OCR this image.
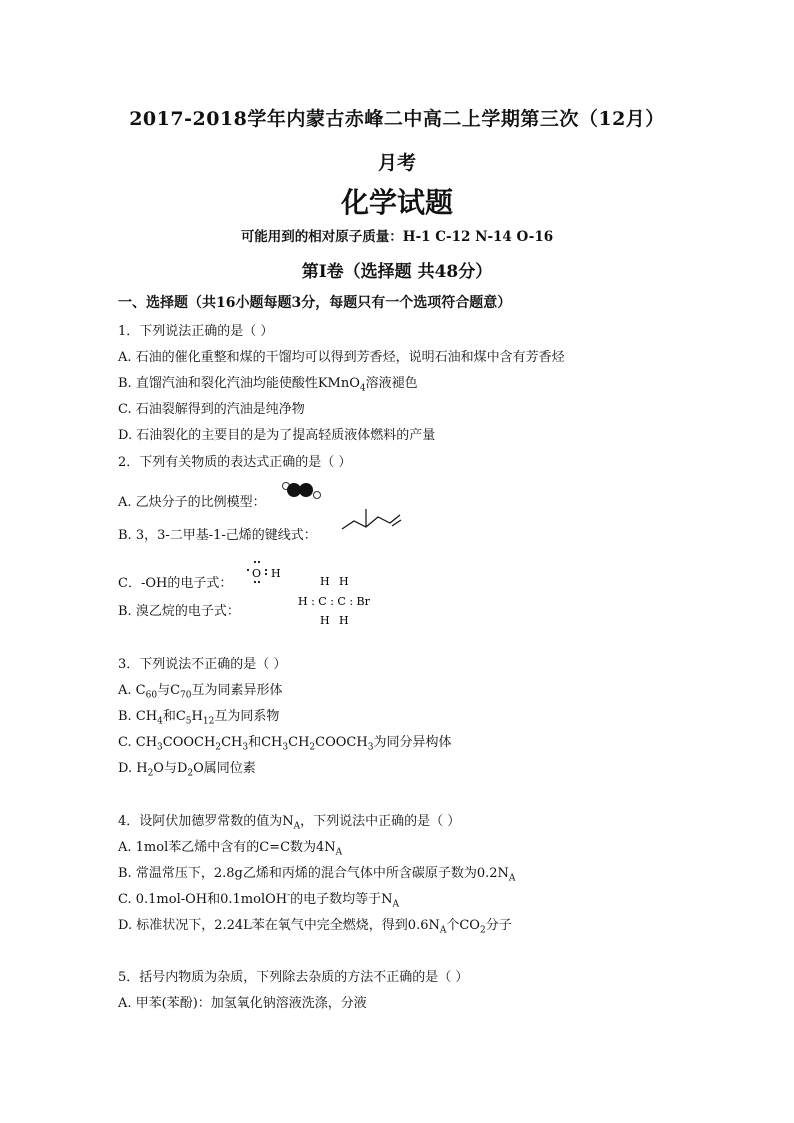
2017-2018学年内蒙古赤峰二中高二上学期第三次（12月）
月考
化学试题
可能用到的相对原子质量：H-1 C-12 N-14 O-16
第Ⅰ卷（选择题 共48分）
一、选择题（共16小题每题3分，每题只有一个选项符合题意）
1．下列说法正确的是（ ）
A. 石油的催化重整和煤的干馏均可以得到芳香烃，说明石油和煤中含有芳香烃
B. 直馏汽油和裂化汽油均能使酸性KMnO$_4$溶液褪色
C. 石油裂解得到的汽油是纯净物
D. 石油裂化的主要目的是为了提高轻质液体燃料的产量
2．下列有关物质的表达式正确的是（ ）
A. 乙炔分子的比例模型：
B. 3，3-二甲基-1-己烯的键线式：
C．-OH的电子式：
O H
B. 溴乙烷的电子式：
H H
H : C : C : Br
H H
3．下列说法不正确的是（ ）
A. $C_{60}$与$C_{70}$互为同素异形体
B. $CH_4$和$C_5H_{12}$互为同系物
C. $CH_3COOCH_2CH_3$和$CH_3CH_2COOCH_3$为同分异构体
D. $H_2O$与$D_2O$属同位素
4．设阿伏加德罗常数的值为$N_A$，下列说法中正确的是（ ）
A. 1mol苯乙烯中含有的C=C数为$4N_A$
B. 常温常压下，2.8g乙烯和丙烯的混合气体中所含碳原子数为$0.2N_A$
C. 0.1mol-OH和0.1molOH-的电子数均等于$N_A$
D. 标准状况下，2.24L苯在氧气中完全燃烧，得到$0.6N_A$个$CO_2$分子
5．括号内物质为杂质，下列除去杂质的方法不正确的是（ ）
A. 甲苯(苯酚)：加氢氧化钠溶液洗涤，分液
